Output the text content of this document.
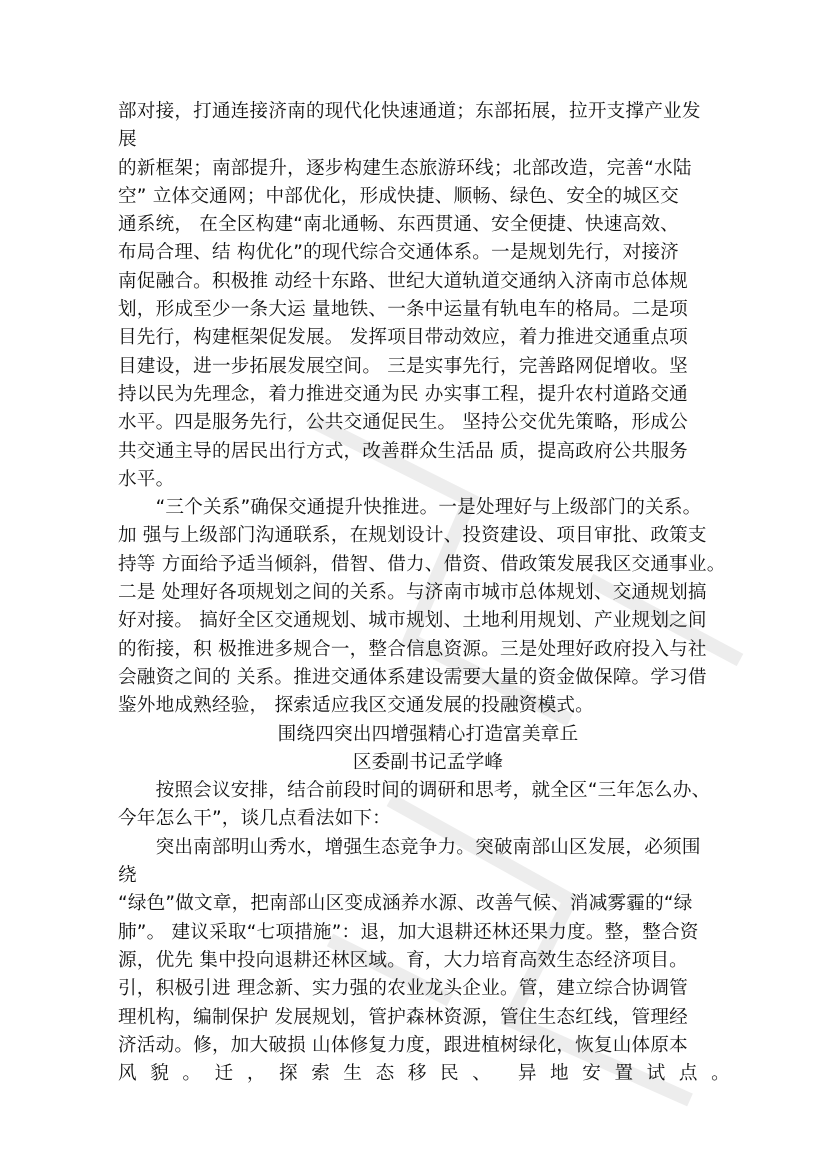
部对接，打通连接济南的现代化快速通道；东部拓展，拉开支撑产业发
展
的新框架；南部提升，逐步构建生态旅游环线；北部改造，完善“水陆
空” 立体交通网；中部优化，形成快捷、顺畅、绿色、安全的城区交
通系统， 在全区构建“南北通畅、东西贯通、安全便捷、快速高效、
布局合理、结 构优化”的现代综合交通体系。一是规划先行，对接济
南促融合。积极推 动经十东路、世纪大道轨道交通纳入济南市总体规
划，形成至少一条大运 量地铁、一条中运量有轨电车的格局。二是项
目先行，构建框架促发展。 发挥项目带动效应，着力推进交通重点项
目建设，进一步拓展发展空间。 三是实事先行，完善路网促增收。坚
持以民为先理念，着力推进交通为民 办实事工程，提升农村道路交通
水平。四是服务先行，公共交通促民生。 坚持公交优先策略，形成公
共交通主导的居民出行方式，改善群众生活品 质，提高政府公共服务
水平。
　　“三个关系”确保交通提升快推进。一是处理好与上级部门的关系。
加 强与上级部门沟通联系，在规划设计、投资建设、项目审批、政策支
持等 方面给予适当倾斜，借智、借力、借资、借政策发展我区交通事业。
二是 处理好各项规划之间的关系。与济南市城市总体规划、交通规划搞
好对接。 搞好全区交通规划、城市规划、土地利用规划、产业规划之间
的衔接，积 极推进多规合一，整合信息资源。三是处理好政府投入与社
会融资之间的 关系。推进交通体系建设需要大量的资金做保障。学习借
鉴外地成熟经验， 探索适应我区交通发展的投融资模式。
围绕四突出四增强精心打造富美章丘
区委副书记孟学峰
　　按照会议安排，结合前段时间的调研和思考，就全区“三年怎么办、
今年怎么干”，谈几点看法如下：
　　突出南部明山秀水，增强生态竞争力。突破南部山区发展，必须围
绕
“绿色”做文章，把南部山区变成涵养水源、改善气候、消减雾霾的“绿
肺”。 建议采取“七项措施”：退，加大退耕还林还果力度。整，整合资
源，优先 集中投向退耕还林区域。育，大力培育高效生态经济项目。
引，积极引进 理念新、实力强的农业龙头企业。管，建立综合协调管
理机构，编制保护 发展规划，管护森林资源，管住生态红线，管理经
济活动。修，加大破损 山体修复力度，跟进植树绿化，恢复山体原本
风 貌 。 迁 ， 探 索 生 态 移 民 、 异 地 安 置 试 点 。
